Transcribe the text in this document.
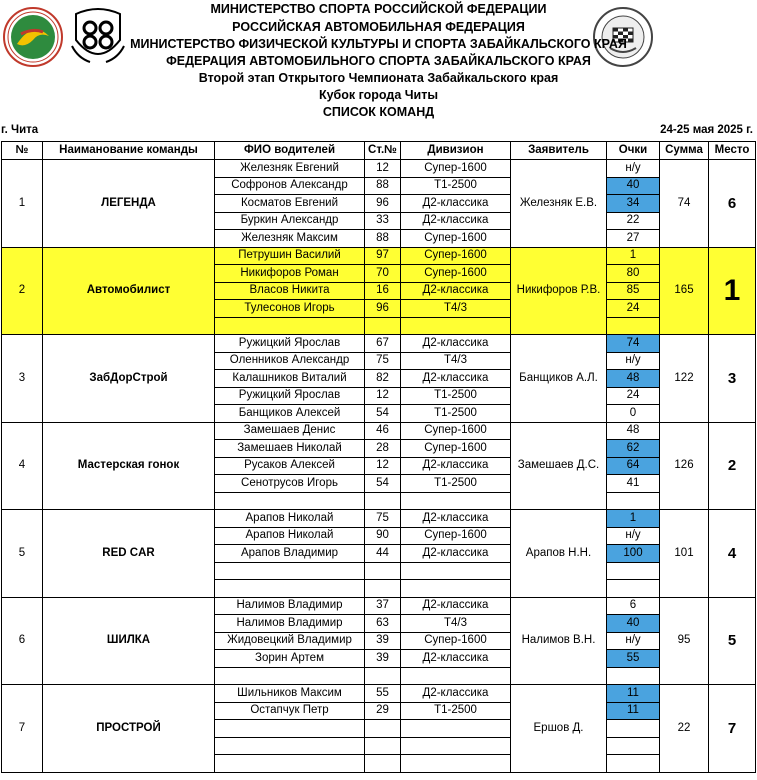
МИНИСТЕРСТВО СПОРТА РОССИЙСКОЙ ФЕДЕРАЦИИ
РОССИЙСКАЯ АВТОМОБИЛЬНАЯ ФЕДЕРАЦИЯ
МИНИСТЕРСТВО ФИЗИЧЕСКОЙ КУЛЬТУРЫ И СПОРТА ЗАБАЙКАЛЬСКОГО КРАЯ
ФЕДЕРАЦИЯ АВТОМОБИЛЬНОГО СПОРТА ЗАБАЙКАЛЬСКОГО КРАЯ
Второй этап Открытого Чемпионата Забайкальского края
Кубок города Читы
СПИСОК КОМАНД
г. Чита	24-25 мая 2025 г.
№	Наиманование команды	ФИО водителей	Ст.№	Дивизион	Заявитель	Очки	Сумма	Место
1	ЛЕГЕНДА	Железняк Евгений	12	Супер-1600	Железняк Е.В.	н/у	74	6
		Софронов Александр	88	Т1-2500		40		
		Косматов Евгений	96	Д2-классика		34		
		Буркин Александр	33	Д2-классика		22		
		Железняк Максим	88	Супер-1600		27		
2	Автомобилист	Петрушин Василий	97	Супер-1600	Никифоров Р.В.	1	165	1
		Никифоров Роман	70	Супер-1600		80		
		Власов Никита	16	Д2-классика		85		
		Тулесонов Игорь	96	Т4/3		24		

3	ЗабДорСтрой	Ружицкий Ярослав	67	Д2-классика	Банщиков А.Л.	74	122	3
		Оленников Александр	75	Т4/3		н/у		
		Калашников Виталий	82	Д2-классика		48		
		Ружицкий Ярослав	12	Т1-2500		24		
		Банщиков Алексей	54	Т1-2500		0		
4	Мастерская гонок	Замешаев Денис	46	Супер-1600	Замешаев Д.С.	48	126	2
		Замешаев Николай	28	Супер-1600		62		
		Русаков Алексей	12	Д2-классика		64		
		Сенотрусов Игорь	54	Т1-2500		41		

5	RED CAR	Арапов Николай	75	Д2-классика	Арапов Н.Н.	1	101	4
		Арапов Николай	90	Супер-1600		н/у		
		Арапов Владимир	44	Д2-классика		100		

6	ШИЛКА	Налимов Владимир	37	Д2-классика	Налимов В.Н.	6	95	5
		Налимов Владимир	63	Т4/3		40		
		Жидовецкий Владимир	39	Супер-1600		н/у		
		Зорин Артем	39	Д2-классика		55		

7	ПРОСТРОЙ	Шильников Максим	55	Д2-классика	Ершов Д.	11	22	7
		Остапчук Петр	29	Т1-2500		11		
